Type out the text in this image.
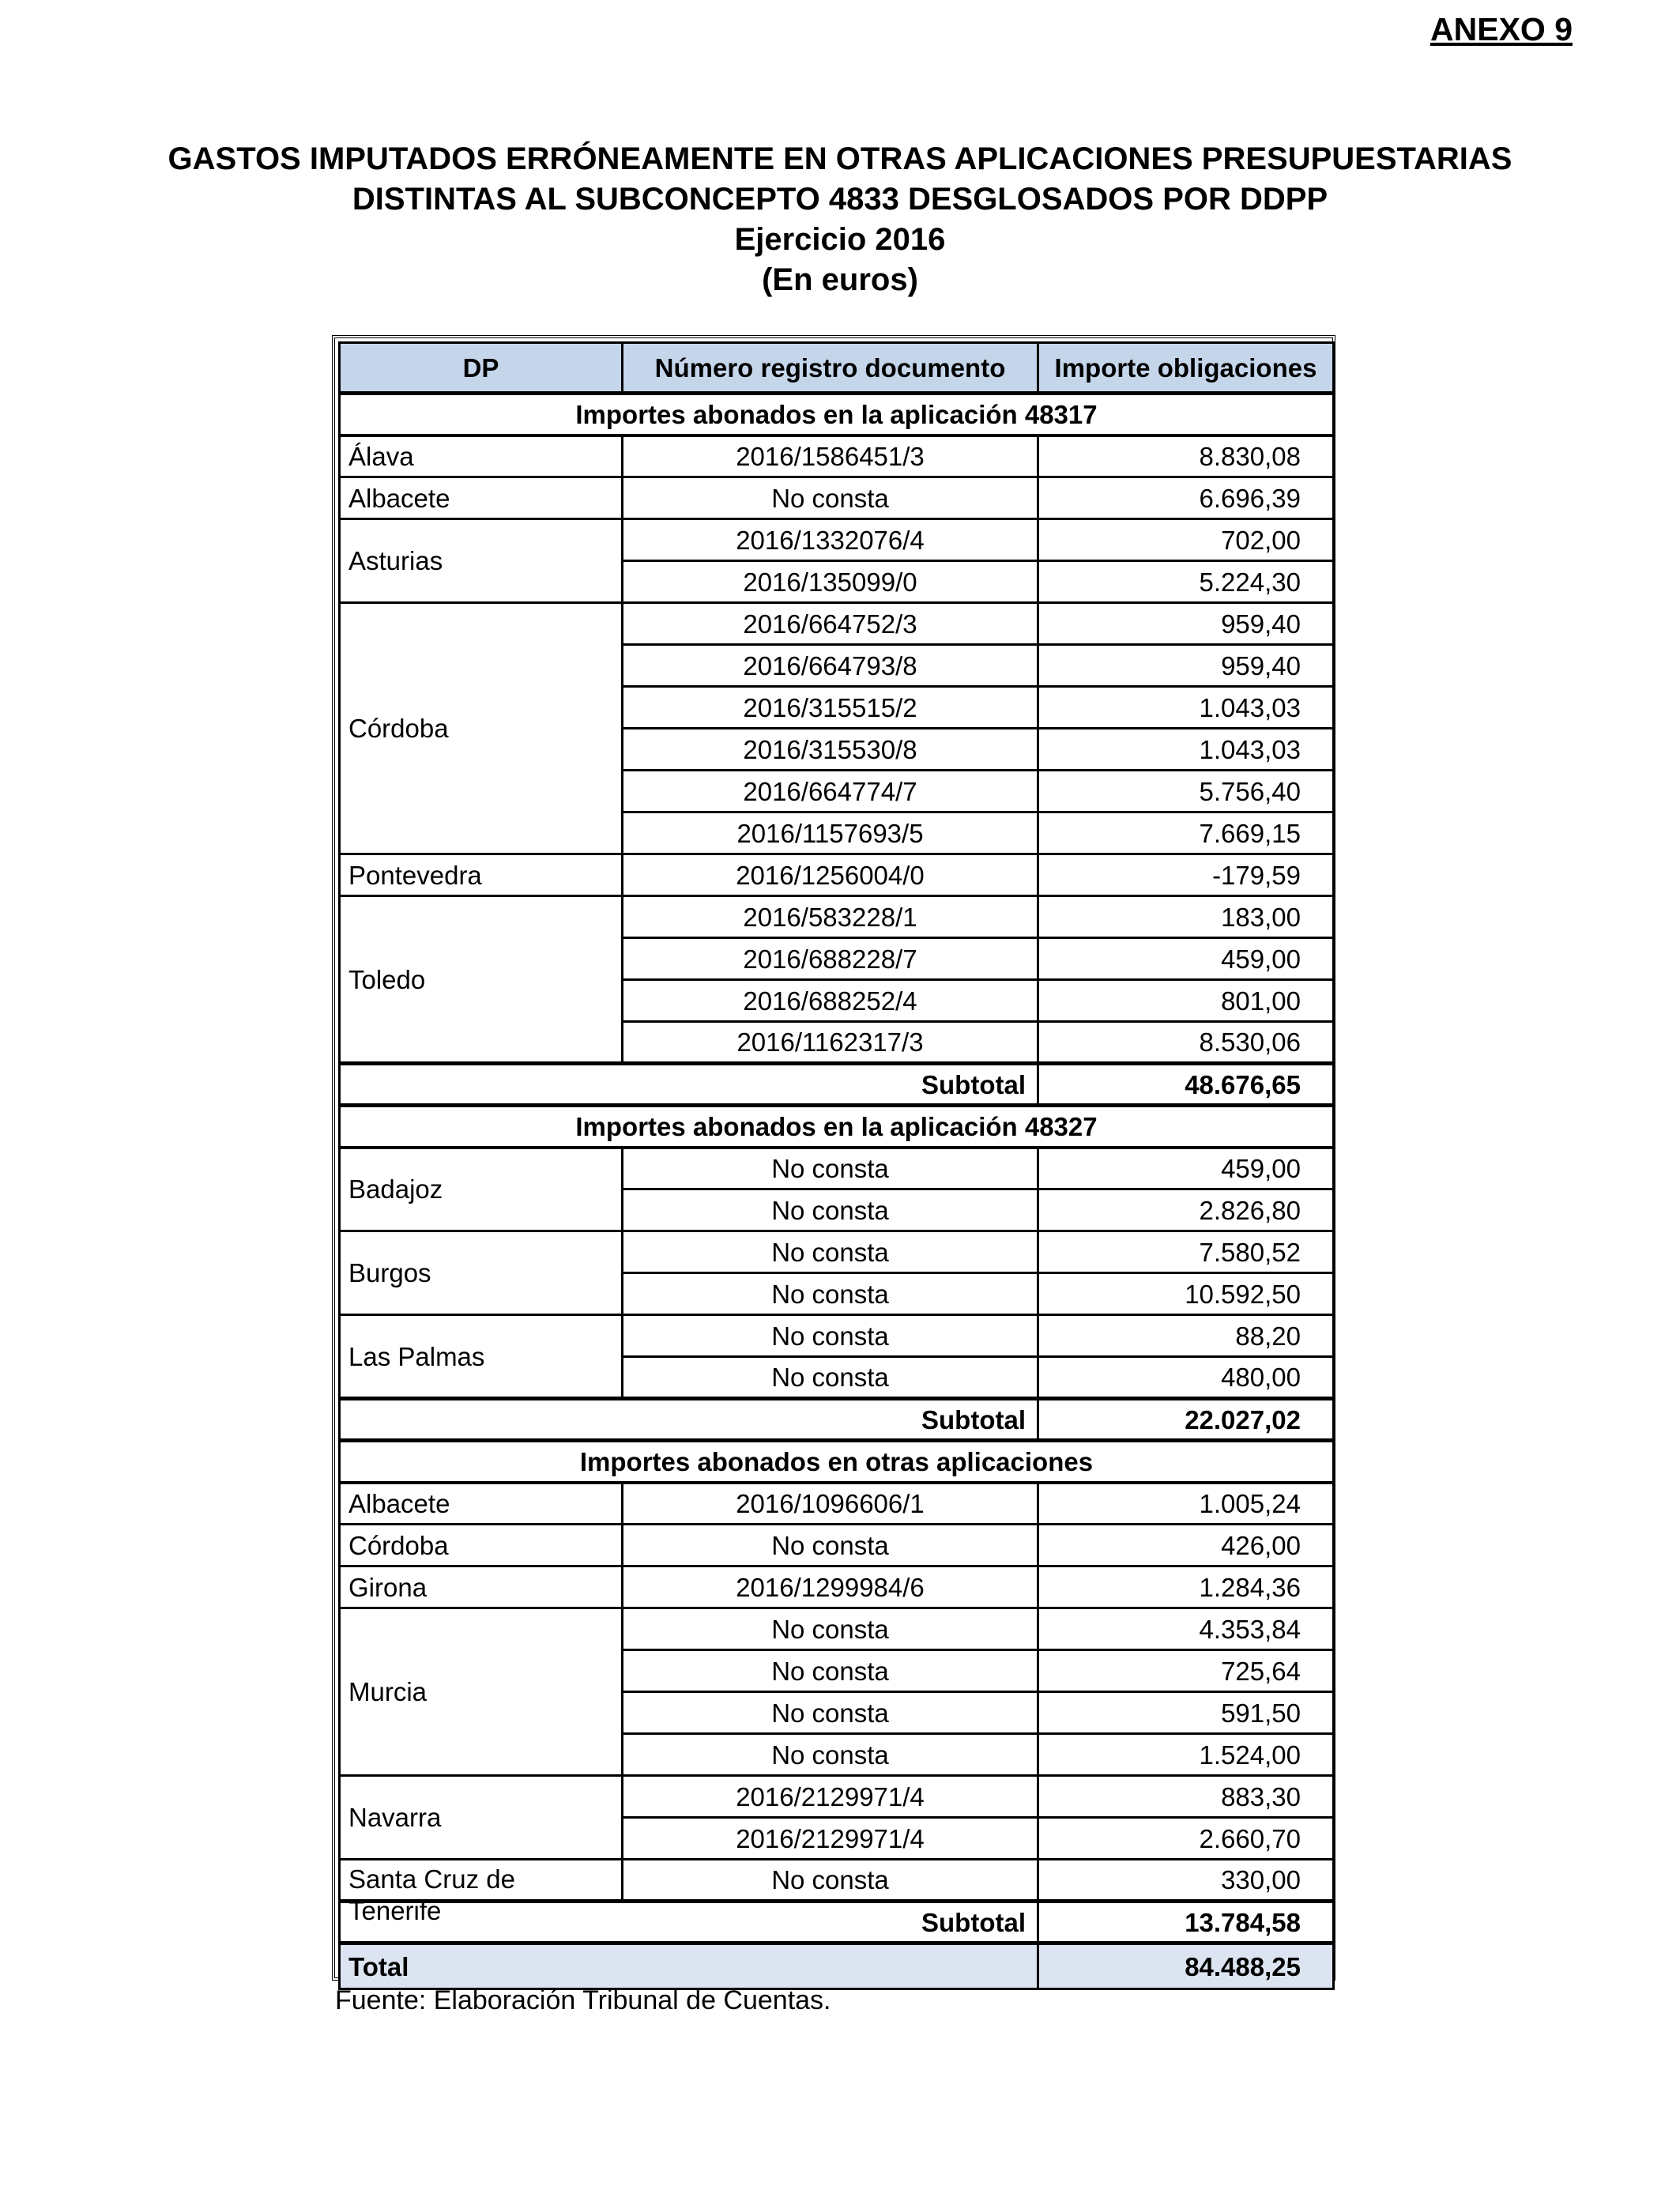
ANEXO 9
GASTOS IMPUTADOS ERRÓNEAMENTE EN OTRAS APLICACIONES PRESUPUESTARIAS
DISTINTAS AL SUBCONCEPTO 4833 DESGLOSADOS POR DDPP
Ejercicio 2016
(En euros)
DP	Número registro documento	Importe obligaciones
Importes abonados en la aplicación 48317		
Álava	2016/1586451/3	8.830,08
Albacete	No consta	6.696,39
Asturias	2016/1332076/4	702,00
	2016/135099/0	5.224,30
Córdoba	2016/664752/3	959,40
	2016/664793/8	959,40
	2016/315515/2	1.043,03
	2016/315530/8	1.043,03
	2016/664774/7	5.756,40
	2016/1157693/5	7.669,15
Pontevedra	2016/1256004/0	-179,59
Toledo	2016/583228/1	183,00
	2016/688228/7	459,00
	2016/688252/4	801,00
	2016/1162317/3	8.530,06
Subtotal		48.676,65
Importes abonados en la aplicación 48327		
Badajoz	No consta	459,00
	No consta	2.826,80
Burgos	No consta	7.580,52
	No consta	10.592,50
Las Palmas	No consta	88,20
	No consta	480,00
Subtotal		22.027,02
Importes abonados en otras aplicaciones		
Albacete	2016/1096606/1	1.005,24
Córdoba	No consta	426,00
Girona	2016/1299984/6	1.284,36
Murcia	No consta	4.353,84
	No consta	725,64
	No consta	591,50
	No consta	1.524,00
Navarra	2016/2129971/4	883,30
	2016/2129971/4	2.660,70

Santa Cruz de Tenerife	No consta	330,00
Subtotal		13.784,58
Total		84.488,25
Fuente: Elaboración Tribunal de Cuentas.
